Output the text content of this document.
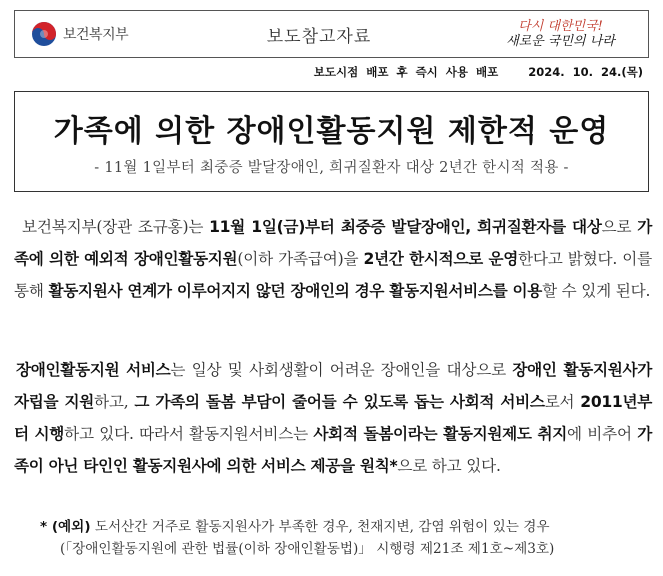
보건복지부	보도참고자료	다시 대한민국!
새로운 국민의 나라
보도시점 배포 후 즉시 사용 배포	2024. 10. 24.(목)
가족에 의한 장애인활동지원 제한적 운영
- 11월 1일부터 최중증 발달장애인, 희귀질환자 대상 2년간 한시적 적용 -
보건복지부(장관 조규홍)는 11월 1일(금)부터 최중증 발달장애인, 희귀질환자를 대상으로 가족에 의한 예외적 장애인활동지원(이하 가족급여)을 2년간 한시적으로 운영한다고 밝혔다. 이를 통해 활동지원사 연계가 이루어지지 않던 장애인의 경우 활동지원서비스를 이용할 수 있게 된다.
장애인활동지원 서비스는 일상 및 사회생활이 어려운 장애인을 대상으로 장애인 활동지원사가 자립을 지원하고, 그 가족의 돌봄 부담이 줄어들 수 있도록 돕는 사회적 서비스로서 2011년부터 시행하고 있다. 따라서 활동지원서비스는 사회적 돌봄이라는 활동지원제도 취지에 비추어 가족이 아닌 타인인 활동지원사에 의한 서비스 제공을 원칙*으로 하고 있다.
* (예외) 도서산간 거주로 활동지원사가 부족한 경우, 천재지변, 감염 위험이 있는 경우
(「장애인활동지원에 관한 법률(이하 장애인활동법)」 시행령 제21조 제1호~제3호)
